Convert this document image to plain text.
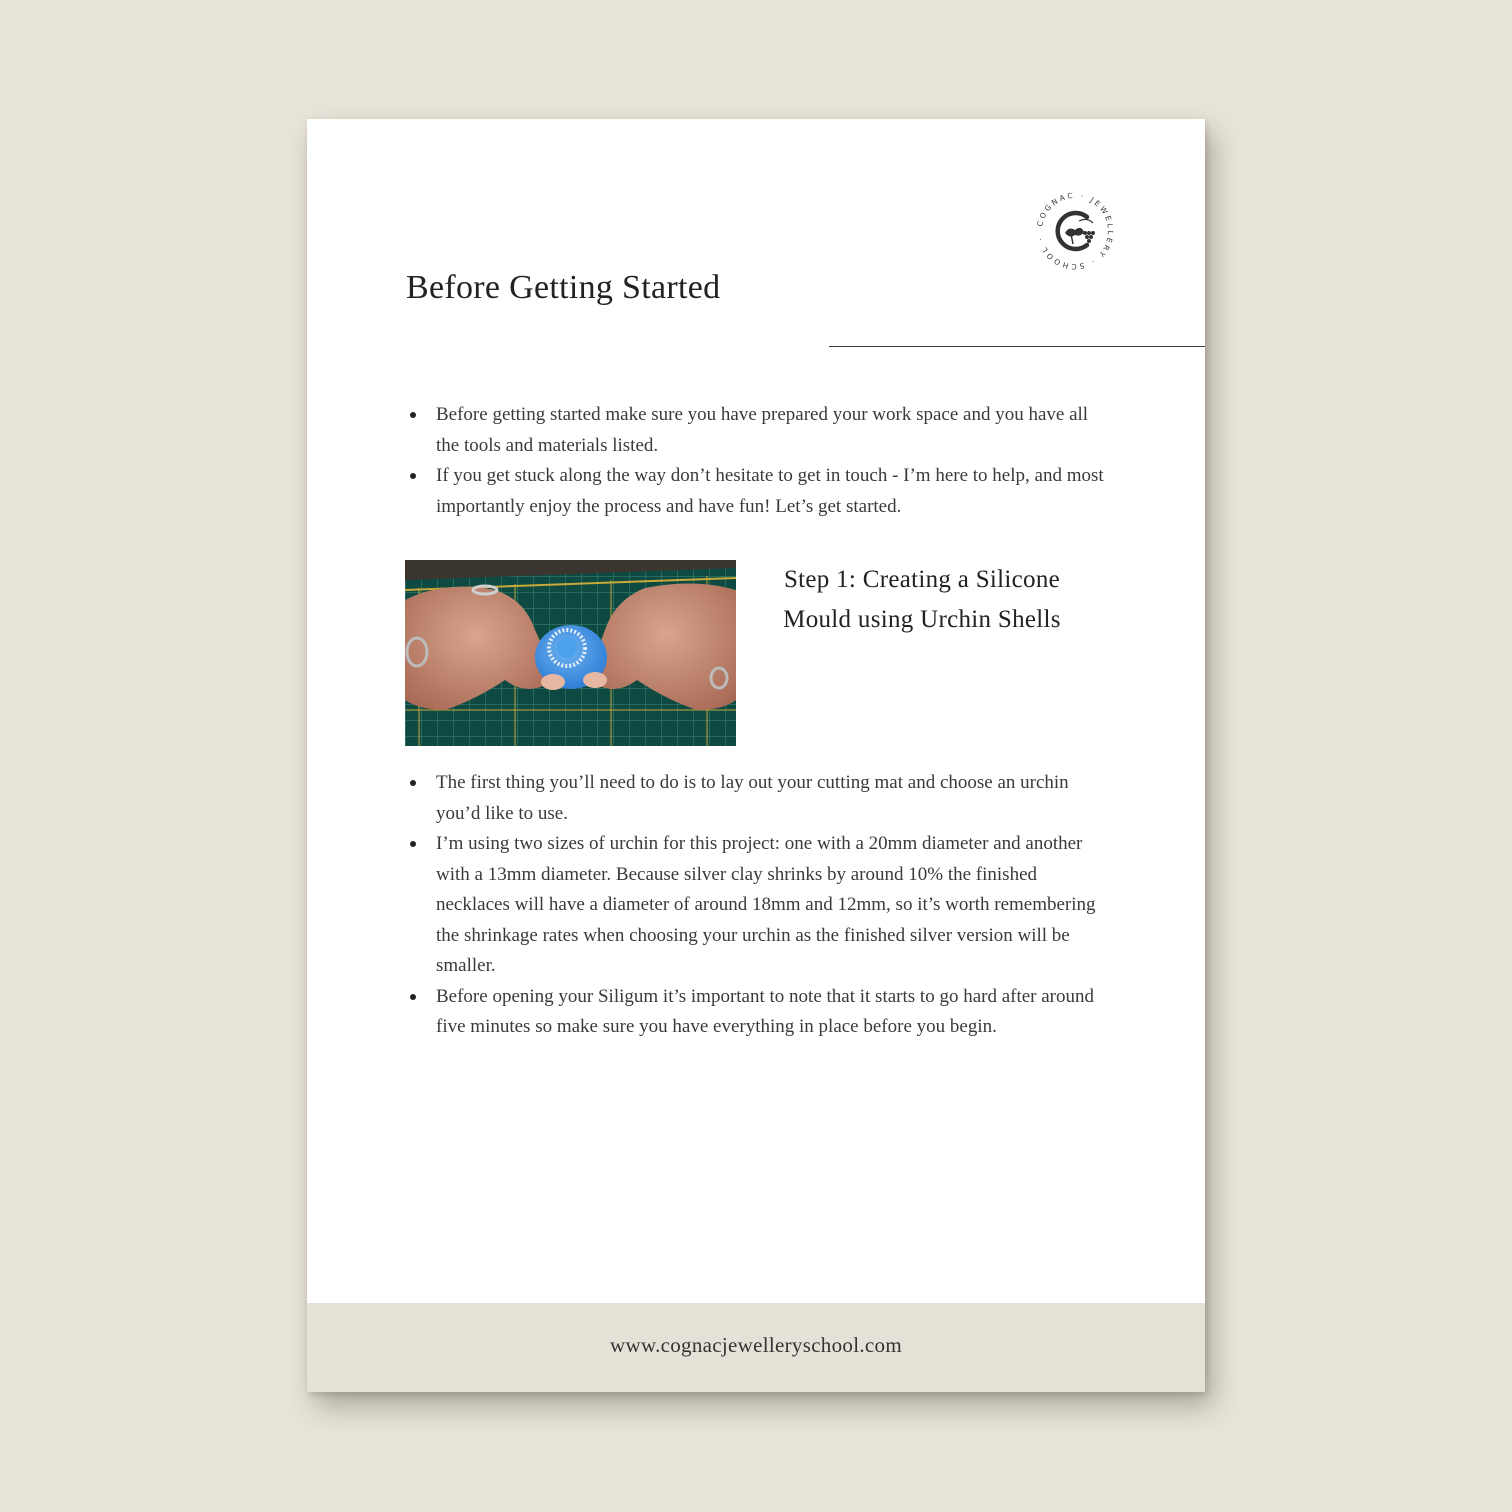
COGNAC · JEWELLERY · SCHOOL ·
Before Getting Started
Before getting started make sure you have prepared your work space and you have all the tools and materials listed.
If you get stuck along the way don’t hesitate to get in touch - I’m here to help, and most importantly enjoy the process and have fun! Let’s get started.
Step 1: Creating a Silicone
Mould using Urchin Shells
The first thing you’ll need to do is to lay out your cutting mat and choose an urchin you’d like to use.
I’m using two sizes of urchin for this project: one with a 20mm diameter and another with a 13mm diameter. Because silver clay shrinks by around 10% the finished necklaces will have a diameter of around 18mm and 12mm, so it’s worth remembering the shrinkage rates when choosing your urchin as the finished silver version will be smaller.
Before opening your Siligum it’s important to note that it starts to go hard after around five minutes so make sure you have everything in place before you begin.
www.cognacjewelleryschool.com
